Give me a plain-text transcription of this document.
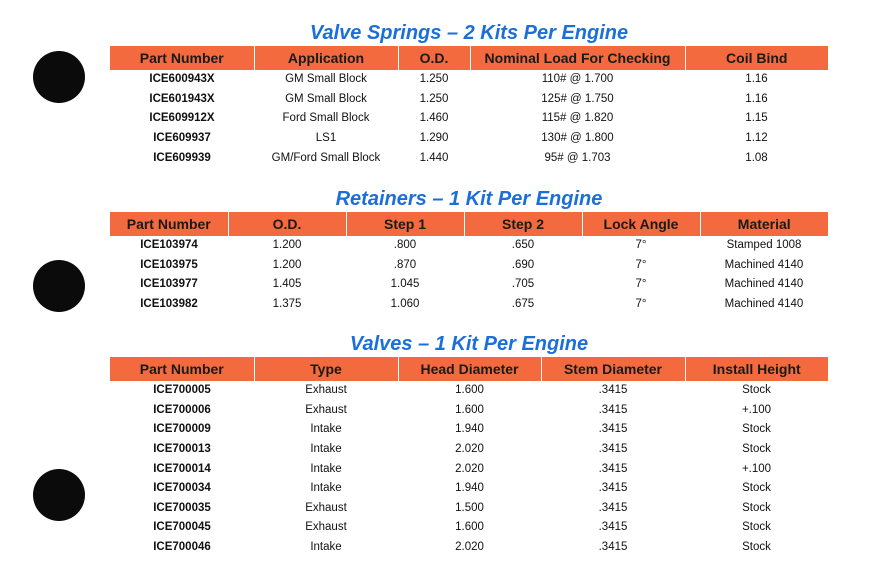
Valve Springs – 2 Kits Per Engine
Part Number	Application	O.D.	Nominal Load For Checking	Coil Bind
ICE600943X	GM Small Block	1.250	110# @ 1.700	1.16
ICE601943X	GM Small Block	1.250	125# @ 1.750	1.16
ICE609912X	Ford Small Block	1.460	115# @ 1.820	1.15
ICE609937	LS1	1.290	130# @ 1.800	1.12
ICE609939	GM/Ford Small Block	1.440	95# @ 1.703	1.08
Retainers – 1 Kit Per Engine
Part Number	O.D.	Step 1	Step 2	Lock Angle	Material
ICE103974	1.200	.800	.650	7°	Stamped 1008
ICE103975	1.200	.870	.690	7°	Machined 4140
ICE103977	1.405	1.045	.705	7°	Machined 4140
ICE103982	1.375	1.060	.675	7°	Machined 4140
Valves – 1 Kit Per Engine
Part Number	Type	Head Diameter	Stem Diameter	Install Height
ICE700005	Exhaust	1.600	.3415	Stock
ICE700006	Exhaust	1.600	.3415	+.100
ICE700009	Intake	1.940	.3415	Stock
ICE700013	Intake	2.020	.3415	Stock
ICE700014	Intake	2.020	.3415	+.100
ICE700034	Intake	1.940	.3415	Stock
ICE700035	Exhaust	1.500	.3415	Stock
ICE700045	Exhaust	1.600	.3415	Stock
ICE700046	Intake	2.020	.3415	Stock
